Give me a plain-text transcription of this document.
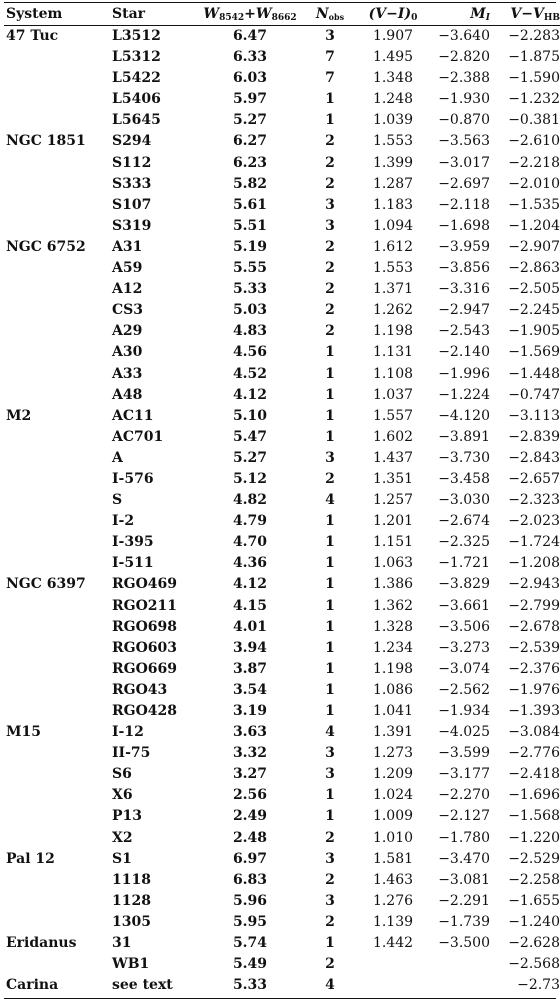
System	Star	$W_{8542}+W_{8662}$	$N_{obs}$	$(V-I)_0$	$M_I$	$V-V_{HB}$
47 Tuc	L3512	6.47	3	1.907	−3.640	−2.283
	L5312	6.33	7	1.495	−2.820	−1.875
	L5422	6.03	7	1.348	−2.388	−1.590
	L5406	5.97	1	1.248	−1.930	−1.232
	L5645	5.27	1	1.039	−0.870	−0.381
NGC 1851	S294	6.27	2	1.553	−3.563	−2.610
	S112	6.23	2	1.399	−3.017	−2.218
	S333	5.82	2	1.287	−2.697	−2.010
	S107	5.61	3	1.183	−2.118	−1.535
	S319	5.51	3	1.094	−1.698	−1.204
NGC 6752	A31	5.19	2	1.612	−3.959	−2.907
	A59	5.55	2	1.553	−3.856	−2.863
	A12	5.33	2	1.371	−3.316	−2.505
	CS3	5.03	2	1.262	−2.947	−2.245
	A29	4.83	2	1.198	−2.543	−1.905
	A30	4.56	1	1.131	−2.140	−1.569
	A33	4.52	1	1.108	−1.996	−1.448
	A48	4.12	1	1.037	−1.224	−0.747
M2	AC11	5.10	1	1.557	−4.120	−3.113
	AC701	5.47	1	1.602	−3.891	−2.839
	A	5.27	3	1.437	−3.730	−2.843
	I-576	5.12	2	1.351	−3.458	−2.657
	S	4.82	4	1.257	−3.030	−2.323
	I-2	4.79	1	1.201	−2.674	−2.023
	I-395	4.70	1	1.151	−2.325	−1.724
	I-511	4.36	1	1.063	−1.721	−1.208
NGC 6397	RGO469	4.12	1	1.386	−3.829	−2.943
	RGO211	4.15	1	1.362	−3.661	−2.799
	RGO698	4.01	1	1.328	−3.506	−2.678
	RGO603	3.94	1	1.234	−3.273	−2.539
	RGO669	3.87	1	1.198	−3.074	−2.376
	RGO43	3.54	1	1.086	−2.562	−1.976
	RGO428	3.19	1	1.041	−1.934	−1.393
M15	I-12	3.63	4	1.391	−4.025	−3.084
	II-75	3.32	3	1.273	−3.599	−2.776
	S6	3.27	3	1.209	−3.177	−2.418
	X6	2.56	1	1.024	−2.270	−1.696
	P13	2.49	1	1.009	−2.127	−1.568
	X2	2.48	2	1.010	−1.780	−1.220
Pal 12	S1	6.97	3	1.581	−3.470	−2.529
	1118	6.83	2	1.463	−3.081	−2.258
	1128	5.96	3	1.276	−2.291	−1.655
	1305	5.95	2	1.139	−1.739	−1.240
Eridanus	31	5.74	1	1.442	−3.500	−2.628
	WB1	5.49	2			−2.568
Carina	see text	5.33	4			−2.73
